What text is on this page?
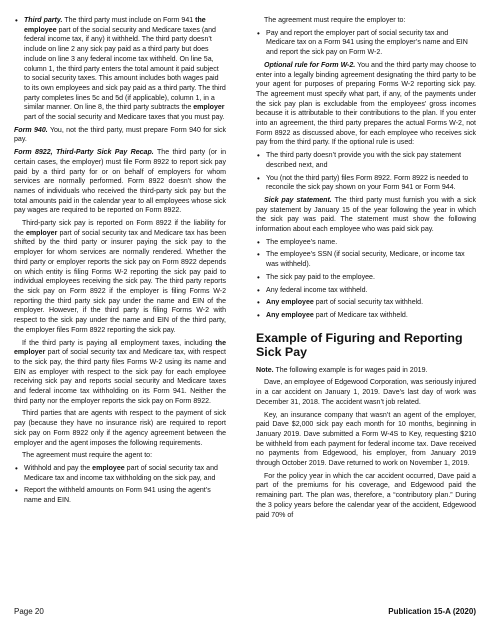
• Third party. The third party must include on Form 941 the employee part of the social security and Medicare taxes (and federal income tax, if any) it withheld. The third party doesn’t include on line 2 any sick pay paid as a third party but does include on line 3 any federal income tax withheld. On line 5a, column 1, the third party enters the total amount it paid subject to social security taxes. This amount includes both wages paid to its own employees and sick pay paid as a third party. The third party completes lines 5c and 5d (if applicable), column 1, in a similar manner. On line 8, the third party subtracts the employer part of the social security and Medicare taxes that you must pay.

Form 940. You, not the third party, must prepare Form 940 for sick pay.

Form 8922, Third-Party Sick Pay Recap. The third party (or in certain cases, the employer) must file Form 8922 to report sick pay paid by a third party for or on behalf of employers for whom services are normally performed. Form 8922 doesn’t show the names of individuals who received the third-party sick pay but the total amounts paid in the calendar year to all employees whose sick pay wages are required to be reported on Form 8922.

Third-party sick pay is reported on Form 8922 if the liability for the employer part of social security tax and Medicare tax has been shifted by the third party or insurer paying the sick pay to the employer for whom services are normally rendered. Whether the third party or employer reports the sick pay on Form 8922 depends on which entity is filing Forms W-2 reporting the sick pay paid to individual employees receiving the sick pay. The third party reports the sick pay on Form 8922 if the employer is filing Forms W-2 reporting the third party sick pay under the name and EIN of the employer. However, if the third party is filing Forms W-2 with respect to the sick pay under the name and EIN of the third party, the employer files Form 8922 reporting the sick pay.

If the third party is paying all employment taxes, including the employer part of social security tax and Medicare tax, with respect to the sick pay, the third party files Forms W-2 using its name and EIN as employer with respect to the sick pay for each employee receiving sick pay and reports social security and Medicare taxes and federal income tax withholding on its Form 941. Neither the third party nor the employer reports the sick pay on Form 8922.

Third parties that are agents with respect to the payment of sick pay (because they have no insurance risk) are required to report sick pay on Form 8922 only if the agency agreement between the employer and the agent imposes the following requirements.

The agreement must require the agent to:

• Withhold and pay the employee part of social security tax and Medicare tax and income tax withholding on the sick pay, and
• Report the withheld amounts on Form 941 using the agent’s name and EIN.

The agreement must require the employer to:

• Pay and report the employer part of social security tax and Medicare tax on a Form 941 using the employer’s name and EIN and report the sick pay on Form W-2.

Optional rule for Form W-2. You and the third party may choose to enter into a legally binding agreement designating the third party to be your agent for purposes of preparing Forms W-2 reporting sick pay. The agreement must specify what part, if any, of the payments under the sick pay plan is excludable from the employees’ gross incomes because it is attributable to their contributions to the plan. If you enter into an agreement, the third party prepares the actual Forms W-2, not Form 8922 as discussed above, for each employee who receives sick pay from the third party. If the optional rule is used:

• The third party doesn’t provide you with the sick pay statement described next, and
• You (not the third party) files Form 8922. Form 8922 is needed to reconcile the sick pay shown on your Form 941 or Form 944.

Sick pay statement. The third party must furnish you with a sick pay statement by January 15 of the year following the year in which the sick pay was paid. The statement must show the following information about each employee who was paid sick pay.

• The employee’s name.
• The employee’s SSN (if social security, Medicare, or income tax was withheld).
• The sick pay paid to the employee.
• Any federal income tax withheld.
• Any employee part of social security tax withheld.
• Any employee part of Medicare tax withheld.
Example of Figuring and Reporting Sick Pay

Note. The following example is for wages paid in 2019.

Dave, an employee of Edgewood Corporation, was seriously injured in a car accident on January 1, 2019. Dave’s last day of work was December 31, 2018. The accident wasn’t job related.

Key, an insurance company that wasn’t an agent of the employer, paid Dave $2,000 sick pay each month for 10 months, beginning in January 2019. Dave submitted a Form W-4S to Key, requesting $210 be withheld from each payment for federal income tax. Dave received no payments from Edgewood, his employer, from January 2019 through October 2019. Dave returned to work on November 1, 2019.

For the policy year in which the car accident occurred, Dave paid a part of the premiums for his coverage, and Edgewood paid the remaining part. The plan was, therefore, a “contributory plan.” During the 3 policy years before the calendar year of the accident, Edgewood paid 70% of

Page 20	Publication 15-A (2020)
